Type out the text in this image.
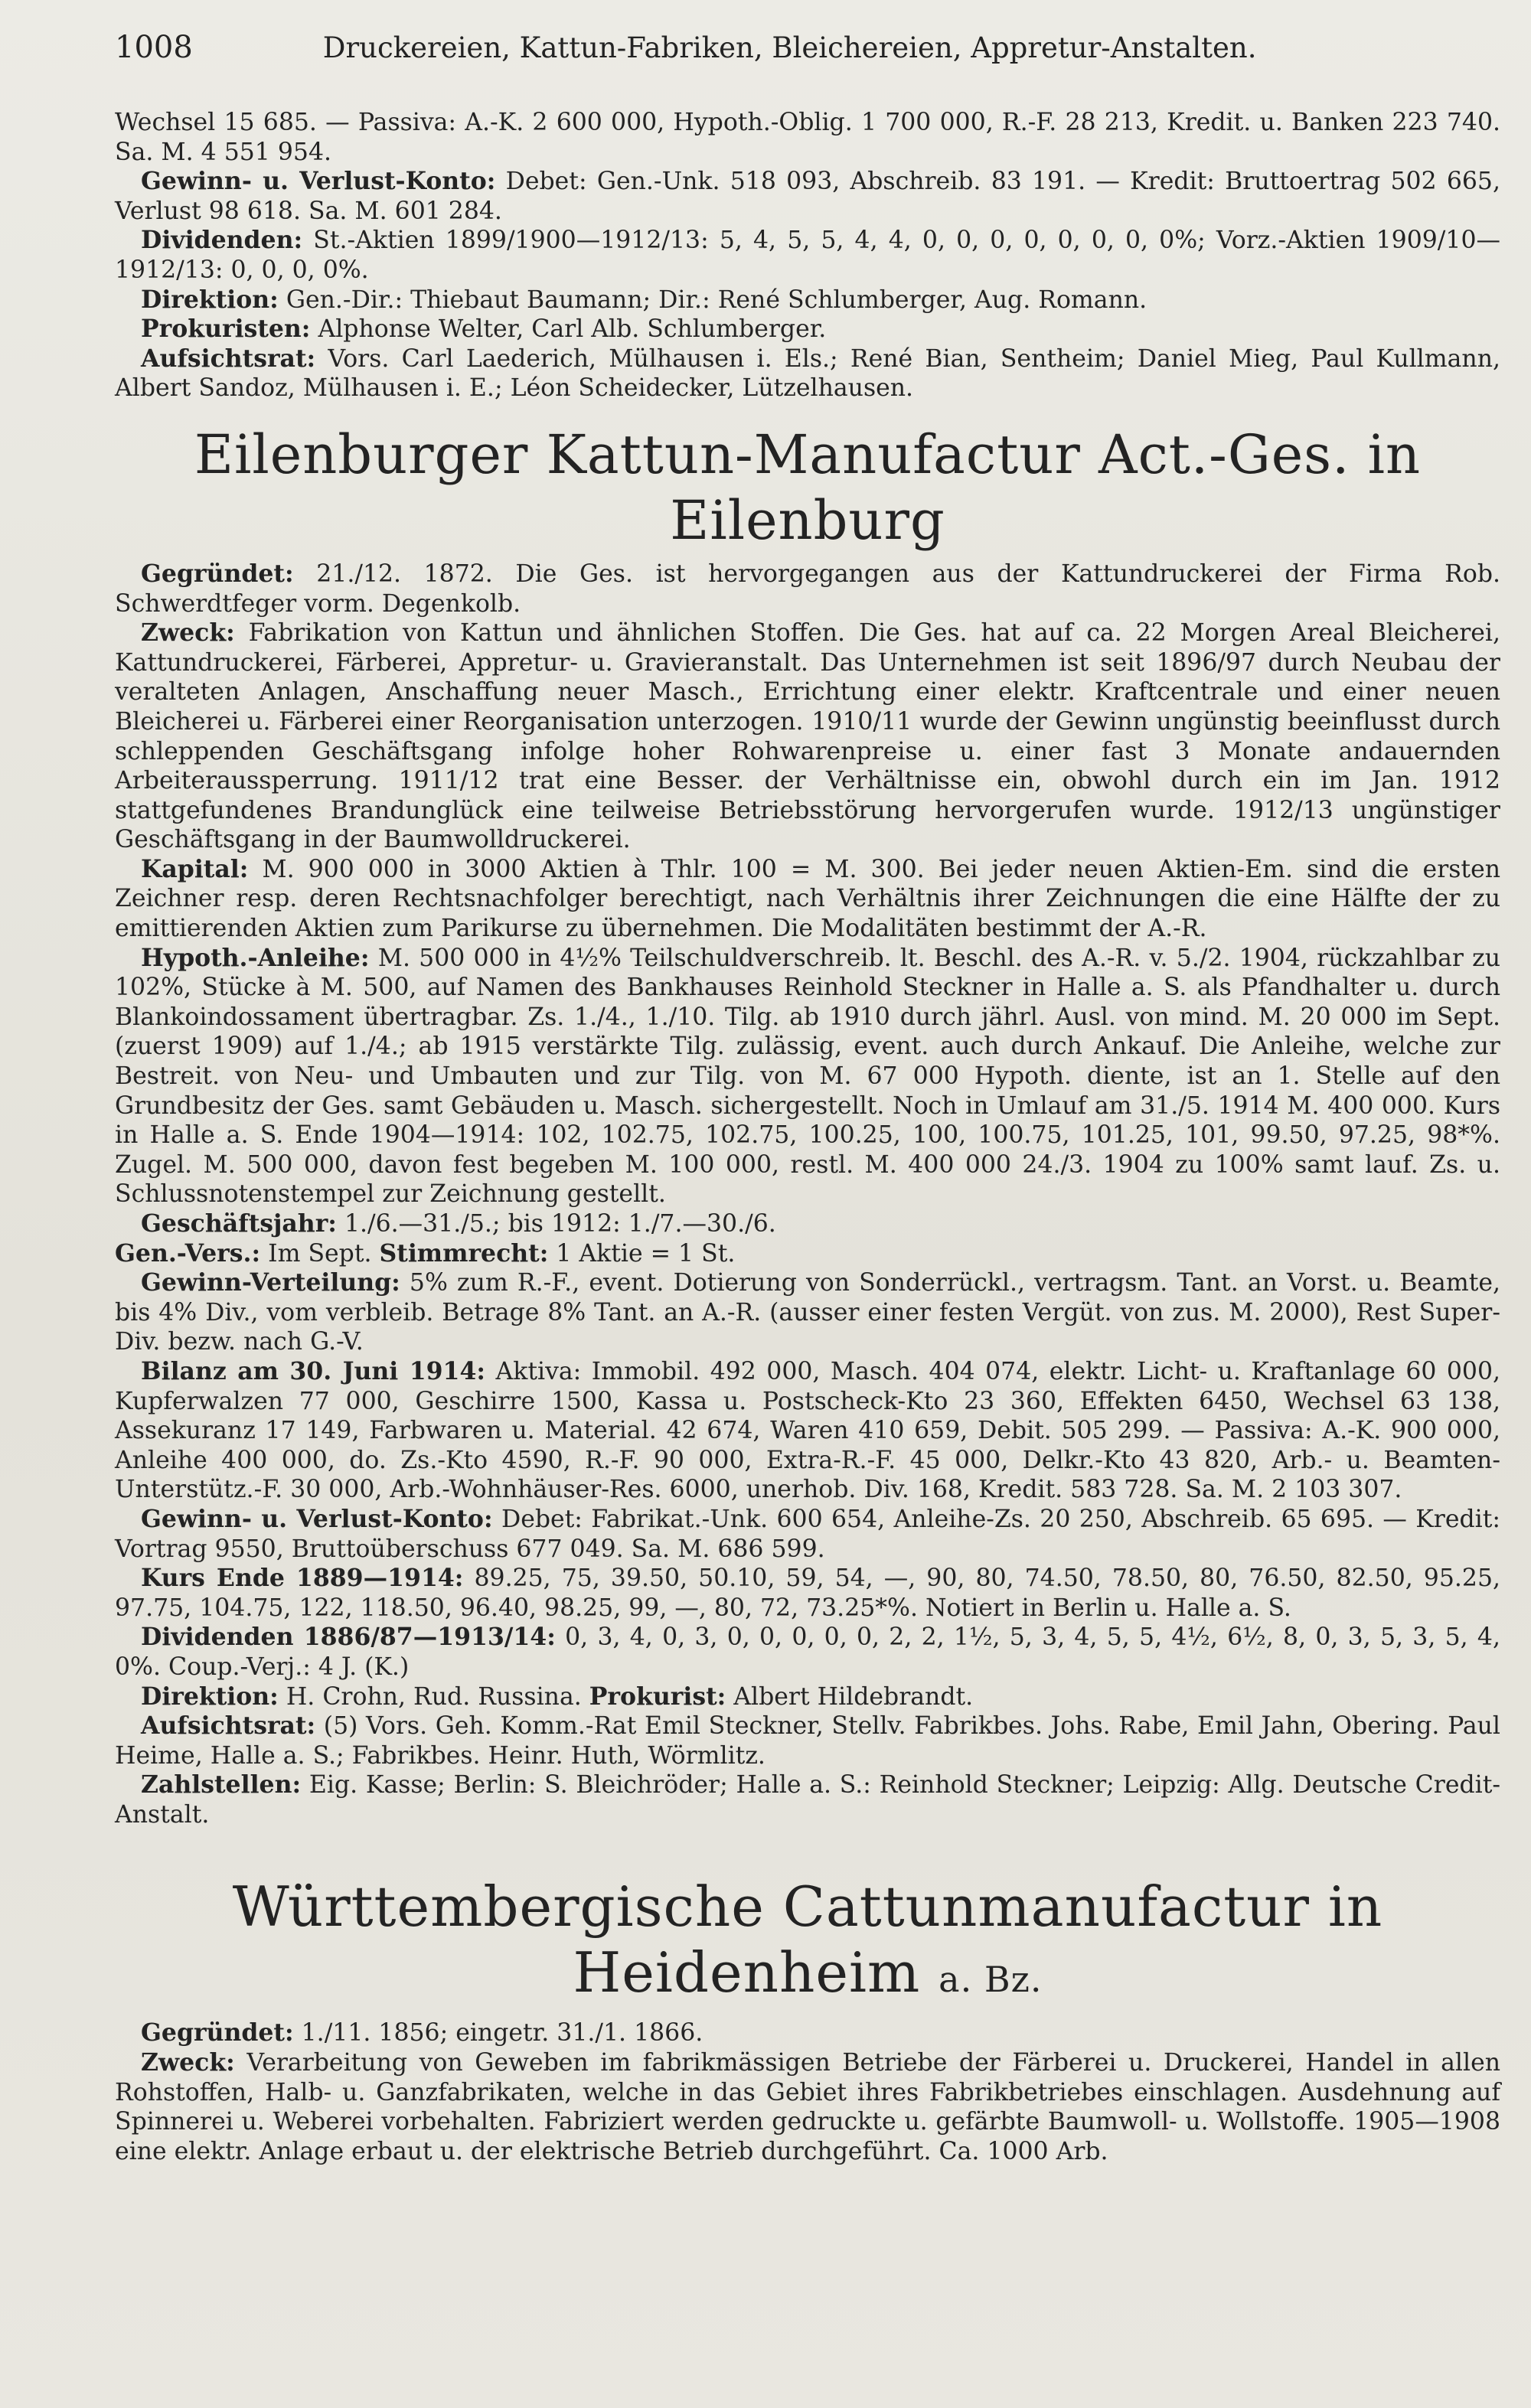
1008	Druckereien, Kattun-Fabriken, Bleichereien, Appretur-Anstalten.

Wechsel 15 685. — Passiva: A.-K. 2 600 000, Hypoth.-Oblig. 1 700 000, R.-F. 28 213, Kredit. u. Banken 223 740. Sa. M. 4 551 954.

Gewinn- u. Verlust-Konto: Debet: Gen.-Unk. 518 093, Abschreib. 83 191. — Kredit: Bruttoertrag 502 665, Verlust 98 618. Sa. M. 601 284.

Dividenden: St.-Aktien 1899/1900—1912/13: 5, 4, 5, 5, 4, 4, 0, 0, 0, 0, 0, 0, 0, 0%; Vorz.-Aktien 1909/10—1912/13: 0, 0, 0, 0%.

Direktion: Gen.-Dir.: Thiebaut Baumann; Dir.: René Schlumberger, Aug. Romann.

Prokuristen: Alphonse Welter, Carl Alb. Schlumberger.

Aufsichtsrat: Vors. Carl Laederich, Mülhausen i. Els.; René Bian, Sentheim; Daniel Mieg, Paul Kullmann, Albert Sandoz, Mülhausen i. E.; Léon Scheidecker, Lützelhausen.

Eilenburger Kattun-Manufactur Act.-Ges. in Eilenburg

Gegründet: 21./12. 1872. Die Ges. ist hervorgegangen aus der Kattundruckerei der Firma Rob. Schwerdtfeger vorm. Degenkolb.

Zweck: Fabrikation von Kattun und ähnlichen Stoffen. Die Ges. hat auf ca. 22 Morgen Areal Bleicherei, Kattundruckerei, Färberei, Appretur- u. Gravieranstalt. Das Unternehmen ist seit 1896/97 durch Neubau der veralteten Anlagen, Anschaffung neuer Masch., Errichtung einer elektr. Kraftcentrale und einer neuen Bleicherei u. Färberei einer Reorganisation unterzogen. 1910/11 wurde der Gewinn ungünstig beeinflusst durch schleppenden Geschäftsgang infolge hoher Rohwarenpreise u. einer fast 3 Monate andauernden Arbeiteraussperrung. 1911/12 trat eine Besser. der Verhältnisse ein, obwohl durch ein im Jan. 1912 stattgefundenes Brandunglück eine teilweise Betriebsstörung hervorgerufen wurde. 1912/13 ungünstiger Geschäftsgang in der Baumwolldruckerei.

Kapital: M. 900 000 in 3000 Aktien à Thlr. 100 = M. 300. Bei jeder neuen Aktien-Em. sind die ersten Zeichner resp. deren Rechtsnachfolger berechtigt, nach Verhältnis ihrer Zeichnungen die eine Hälfte der zu emittierenden Aktien zum Parikurse zu übernehmen. Die Modalitäten bestimmt der A.-R.

Hypoth.-Anleihe: M. 500 000 in 4½% Teilschuldverschreib. lt. Beschl. des A.-R. v. 5./2. 1904, rückzahlbar zu 102%, Stücke à M. 500, auf Namen des Bankhauses Reinhold Steckner in Halle a. S. als Pfandhalter u. durch Blankoindossament übertragbar. Zs. 1./4., 1./10. Tilg. ab 1910 durch jährl. Ausl. von mind. M. 20 000 im Sept. (zuerst 1909) auf 1./4.; ab 1915 verstärkte Tilg. zulässig, event. auch durch Ankauf. Die Anleihe, welche zur Bestreit. von Neu- und Umbauten und zur Tilg. von M. 67 000 Hypoth. diente, ist an 1. Stelle auf den Grundbesitz der Ges. samt Gebäuden u. Masch. sichergestellt. Noch in Umlauf am 31./5. 1914 M. 400 000. Kurs in Halle a. S. Ende 1904—1914: 102, 102.75, 102.75, 100.25, 100, 100.75, 101.25, 101, 99.50, 97.25, 98*%. Zugel. M. 500 000, davon fest begeben M. 100 000, restl. M. 400 000 24./3. 1904 zu 100% samt lauf. Zs. u. Schlussnotenstempel zur Zeichnung gestellt.

Geschäftsjahr: 1./6.—31./5.; bis 1912: 1./7.—30./6.
Gen.-Vers.: Im Sept. Stimmrecht: 1 Aktie = 1 St.

Gewinn-Verteilung: 5% zum R.-F., event. Dotierung von Sonderrückl., vertragsm. Tant. an Vorst. u. Beamte, bis 4% Div., vom verbleib. Betrage 8% Tant. an A.-R. (ausser einer festen Vergüt. von zus. M. 2000), Rest Super-Div. bezw. nach G.-V.

Bilanz am 30. Juni 1914: Aktiva: Immobil. 492 000, Masch. 404 074, elektr. Licht- u. Kraftanlage 60 000, Kupferwalzen 77 000, Geschirre 1500, Kassa u. Postscheck-Kto 23 360, Effekten 6450, Wechsel 63 138, Assekuranz 17 149, Farbwaren u. Material. 42 674, Waren 410 659, Debit. 505 299. — Passiva: A.-K. 900 000, Anleihe 400 000, do. Zs.-Kto 4590, R.-F. 90 000, Extra-R.-F. 45 000, Delkr.-Kto 43 820, Arb.- u. Beamten-Unterstütz.-F. 30 000, Arb.-Wohnhäuser-Res. 6000, unerhob. Div. 168, Kredit. 583 728. Sa. M. 2 103 307.

Gewinn- u. Verlust-Konto: Debet: Fabrikat.-Unk. 600 654, Anleihe-Zs. 20 250, Abschreib. 65 695. — Kredit: Vortrag 9550, Bruttoüberschuss 677 049. Sa. M. 686 599.

Kurs Ende 1889—1914: 89.25, 75, 39.50, 50.10, 59, 54, —, 90, 80, 74.50, 78.50, 80, 76.50, 82.50, 95.25, 97.75, 104.75, 122, 118.50, 96.40, 98.25, 99, —, 80, 72, 73.25*%. Notiert in Berlin u. Halle a. S.

Dividenden 1886/87—1913/14: 0, 3, 4, 0, 3, 0, 0, 0, 0, 0, 2, 2, 1½, 5, 3, 4, 5, 5, 4½, 6½, 8, 0, 3, 5, 3, 5, 4, 0%. Coup.-Verj.: 4 J. (K.)

Direktion: H. Crohn, Rud. Russina. Prokurist: Albert Hildebrandt.

Aufsichtsrat: (5) Vors. Geh. Komm.-Rat Emil Steckner, Stellv. Fabrikbes. Johs. Rabe, Emil Jahn, Obering. Paul Heime, Halle a. S.; Fabrikbes. Heinr. Huth, Wörmlitz.

Zahlstellen: Eig. Kasse; Berlin: S. Bleichröder; Halle a. S.: Reinhold Steckner; Leipzig: Allg. Deutsche Credit-Anstalt.

Württembergische Cattunmanufactur in Heidenheim a. Bz.

Gegründet: 1./11. 1856; eingetr. 31./1. 1866.

Zweck: Verarbeitung von Geweben im fabrikmässigen Betriebe der Färberei u. Druckerei, Handel in allen Rohstoffen, Halb- u. Ganzfabrikaten, welche in das Gebiet ihres Fabrikbetriebes einschlagen. Ausdehnung auf Spinnerei u. Weberei vorbehalten. Fabriziert werden gedruckte u. gefärbte Baumwoll- u. Wollstoffe. 1905—1908 eine elektr. Anlage erbaut u. der elektrische Betrieb durchgeführt. Ca. 1000 Arb.
